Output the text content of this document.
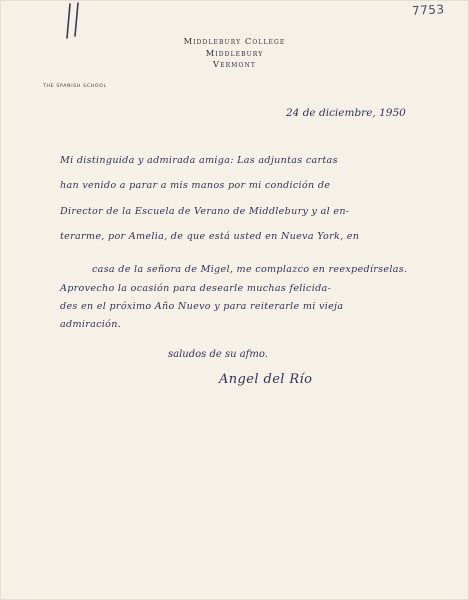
7753
Middlebury College
Middlebury
Vermont
THE SPANISH SCHOOL
24 de diciembre, 1950
Mi distinguida y admirada amiga: Las adjuntas cartas
han venido a parar a mis manos por mi condición de
Director de la Escuela de Verano de Middlebury y al en-
terarme, por Amelia, de que está usted en Nueva York, en
casa de la señora de Migel, me complazco en reexpedírselas.
Aprovecho la ocasión para desearle muchas felicida-
des en el próximo Año Nuevo y para reiterarle mi vieja
admiración.
saludos de su afmo.
Angel del Río
